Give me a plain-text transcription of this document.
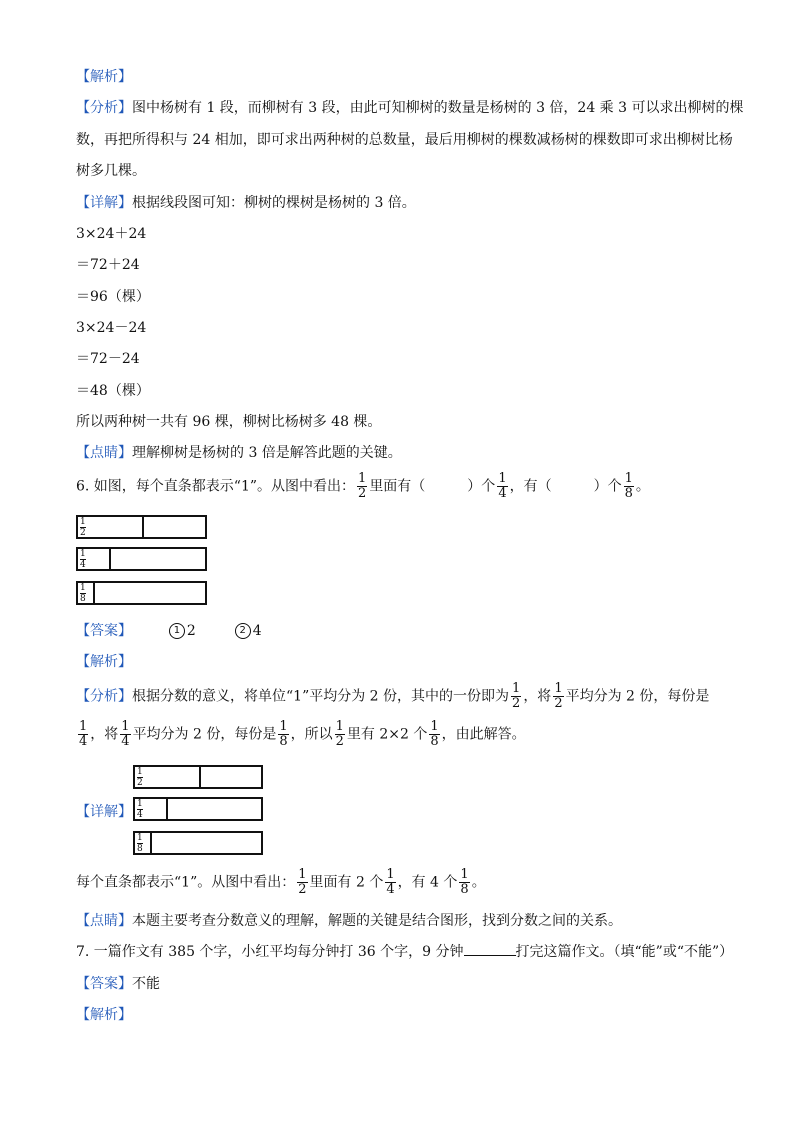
【解析】
【分析】图中杨树有 1 段，而柳树有 3 段，由此可知柳树的数量是杨树的 3 倍，24 乘 3 可以求出柳树的棵
数，再把所得积与 24 相加，即可求出两种树的总数量，最后用柳树的棵数减杨树的棵数即可求出柳树比杨
树多几棵。
【详解】根据线段图可知：柳树的棵树是杨树的 3 倍。
3×24＋24
＝72＋24
＝96（棵）
3×24－24
＝72－24
＝48（棵）
所以两种树一共有 96 棵，柳树比杨树多 48 棵。
【点睛】理解柳树是杨树的 3 倍是解答此题的关键。
6. 如图，每个直条都表示“1”。从图中看出： $\frac{1}{2}$ 里面有（　　　）个 $\frac{1}{4}$ ，有（　　　）个 $\frac{1}{8}$ 。
$\frac{1}{2}$
$\frac{1}{4}$
$\frac{1}{8}$
【答案】	1 2	2 4
【解析】
【分析】根据分数的意义，将单位“1”平均分为 2 份，其中的一份即为 $\frac{1}{2}$ ，将 $\frac{1}{2}$ 平均分为 2 份，每份是
$\frac{1}{4}$ ，将 $\frac{1}{4}$ 平均分为 2 份，每份是 $\frac{1}{8}$ ，所以 $\frac{1}{2}$ 里有 2×2 个 $\frac{1}{8}$ ，由此解答。
$\frac{1}{2}$
【详解】 $\frac{1}{4}$
$\frac{1}{8}$
每个直条都表示“1”。从图中看出： $\frac{1}{2}$ 里面有 2 个 $\frac{1}{4}$ ，有 4 个 $\frac{1}{8}$ 。
【点睛】本题主要考查分数意义的理解，解题的关键是结合图形，找到分数之间的关系。
7. 一篇作文有 385 个字，小红平均每分钟打 36 个字，9 分钟	打完这篇作文。（填“能”或“不能”）
【答案】不能
【解析】
